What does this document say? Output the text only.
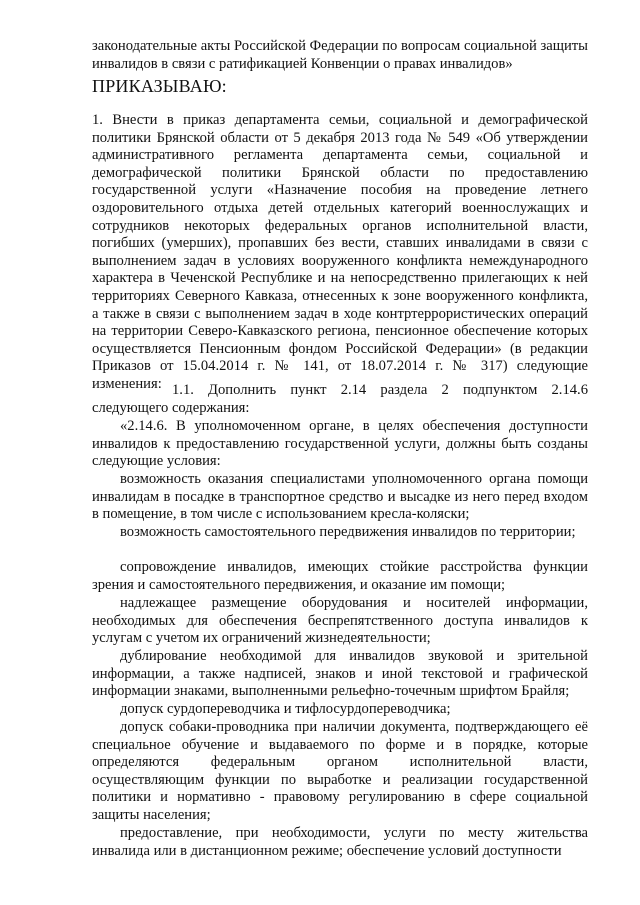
законодательные акты Российской Федерации по вопросам социальной защиты инвалидов в связи с ратификацией Конвенции о правах инвалидов»

ПРИКАЗЫВАЮ:

1. Внести в приказ департамента семьи, социальной и демографической политики Брянской области от 5 декабря 2013 года № 549 «Об утверждении административного регламента департамента семьи, социальной и демографической политики Брянской области по предоставлению государственной услуги «Назначение пособия на проведение летнего оздоровительного отдыха детей отдельных категорий военнослужащих и сотрудников некоторых федеральных органов исполнительной власти, погибших (умерших), пропавших без вести, ставших инвалидами в связи с выполнением задач в условиях вооруженного конфликта немеждународного характера в Чеченской Республике и на непосредственно прилегающих к ней территориях Северного Кавказа, отнесенных к зоне вооруженного конфликта, а также в связи с выполнением задач в ходе контртеррористических операций на территории Северо-Кавказского региона, пенсионное обеспечение которых осуществляется Пенсионным фондом Российской Федерации» (в редакции Приказов от 15.04.2014 г. № 141, от 18.07.2014 г. № 317) следующие изменения: 1.1. Дополнить пункт 2.14 раздела 2 подпунктом 2.14.6 следующего содержания:

«2.14.6. В уполномоченном органе, в целях обеспечения доступности инвалидов к предоставлению государственной услуги, должны быть созданы следующие условия:

возможность оказания специалистами уполномоченного органа помощи инвалидам в посадке в транспортное средство и высадке из него перед входом в помещение, в том числе с использованием кресла-коляски;

возможность самостоятельного передвижения инвалидов по территории;

сопровождение инвалидов, имеющих стойкие расстройства функции зрения и самостоятельного передвижения, и оказание им помощи;

надлежащее размещение оборудования и носителей информации, необходимых для обеспечения беспрепятственного доступа инвалидов к услугам с учетом их ограничений жизнедеятельности;

дублирование необходимой для инвалидов звуковой и зрительной информации, а также надписей, знаков и иной текстовой и графической информации знаками, выполненными рельефно-точечным шрифтом Брайля;

допуск сурдопереводчика и тифлосурдопереводчика;

допуск собаки-проводника при наличии документа, подтверждающего её специальное обучение и выдаваемого по форме и в порядке, которые определяются федеральным органом исполнительной власти, осуществляющим функции по выработке и реализации государственной политики и нормативно - правовому регулированию в сфере социальной защиты населения;

предоставление, при необходимости, услуги по месту жительства инвалида или в дистанционном режиме; обеспечение условий доступности
